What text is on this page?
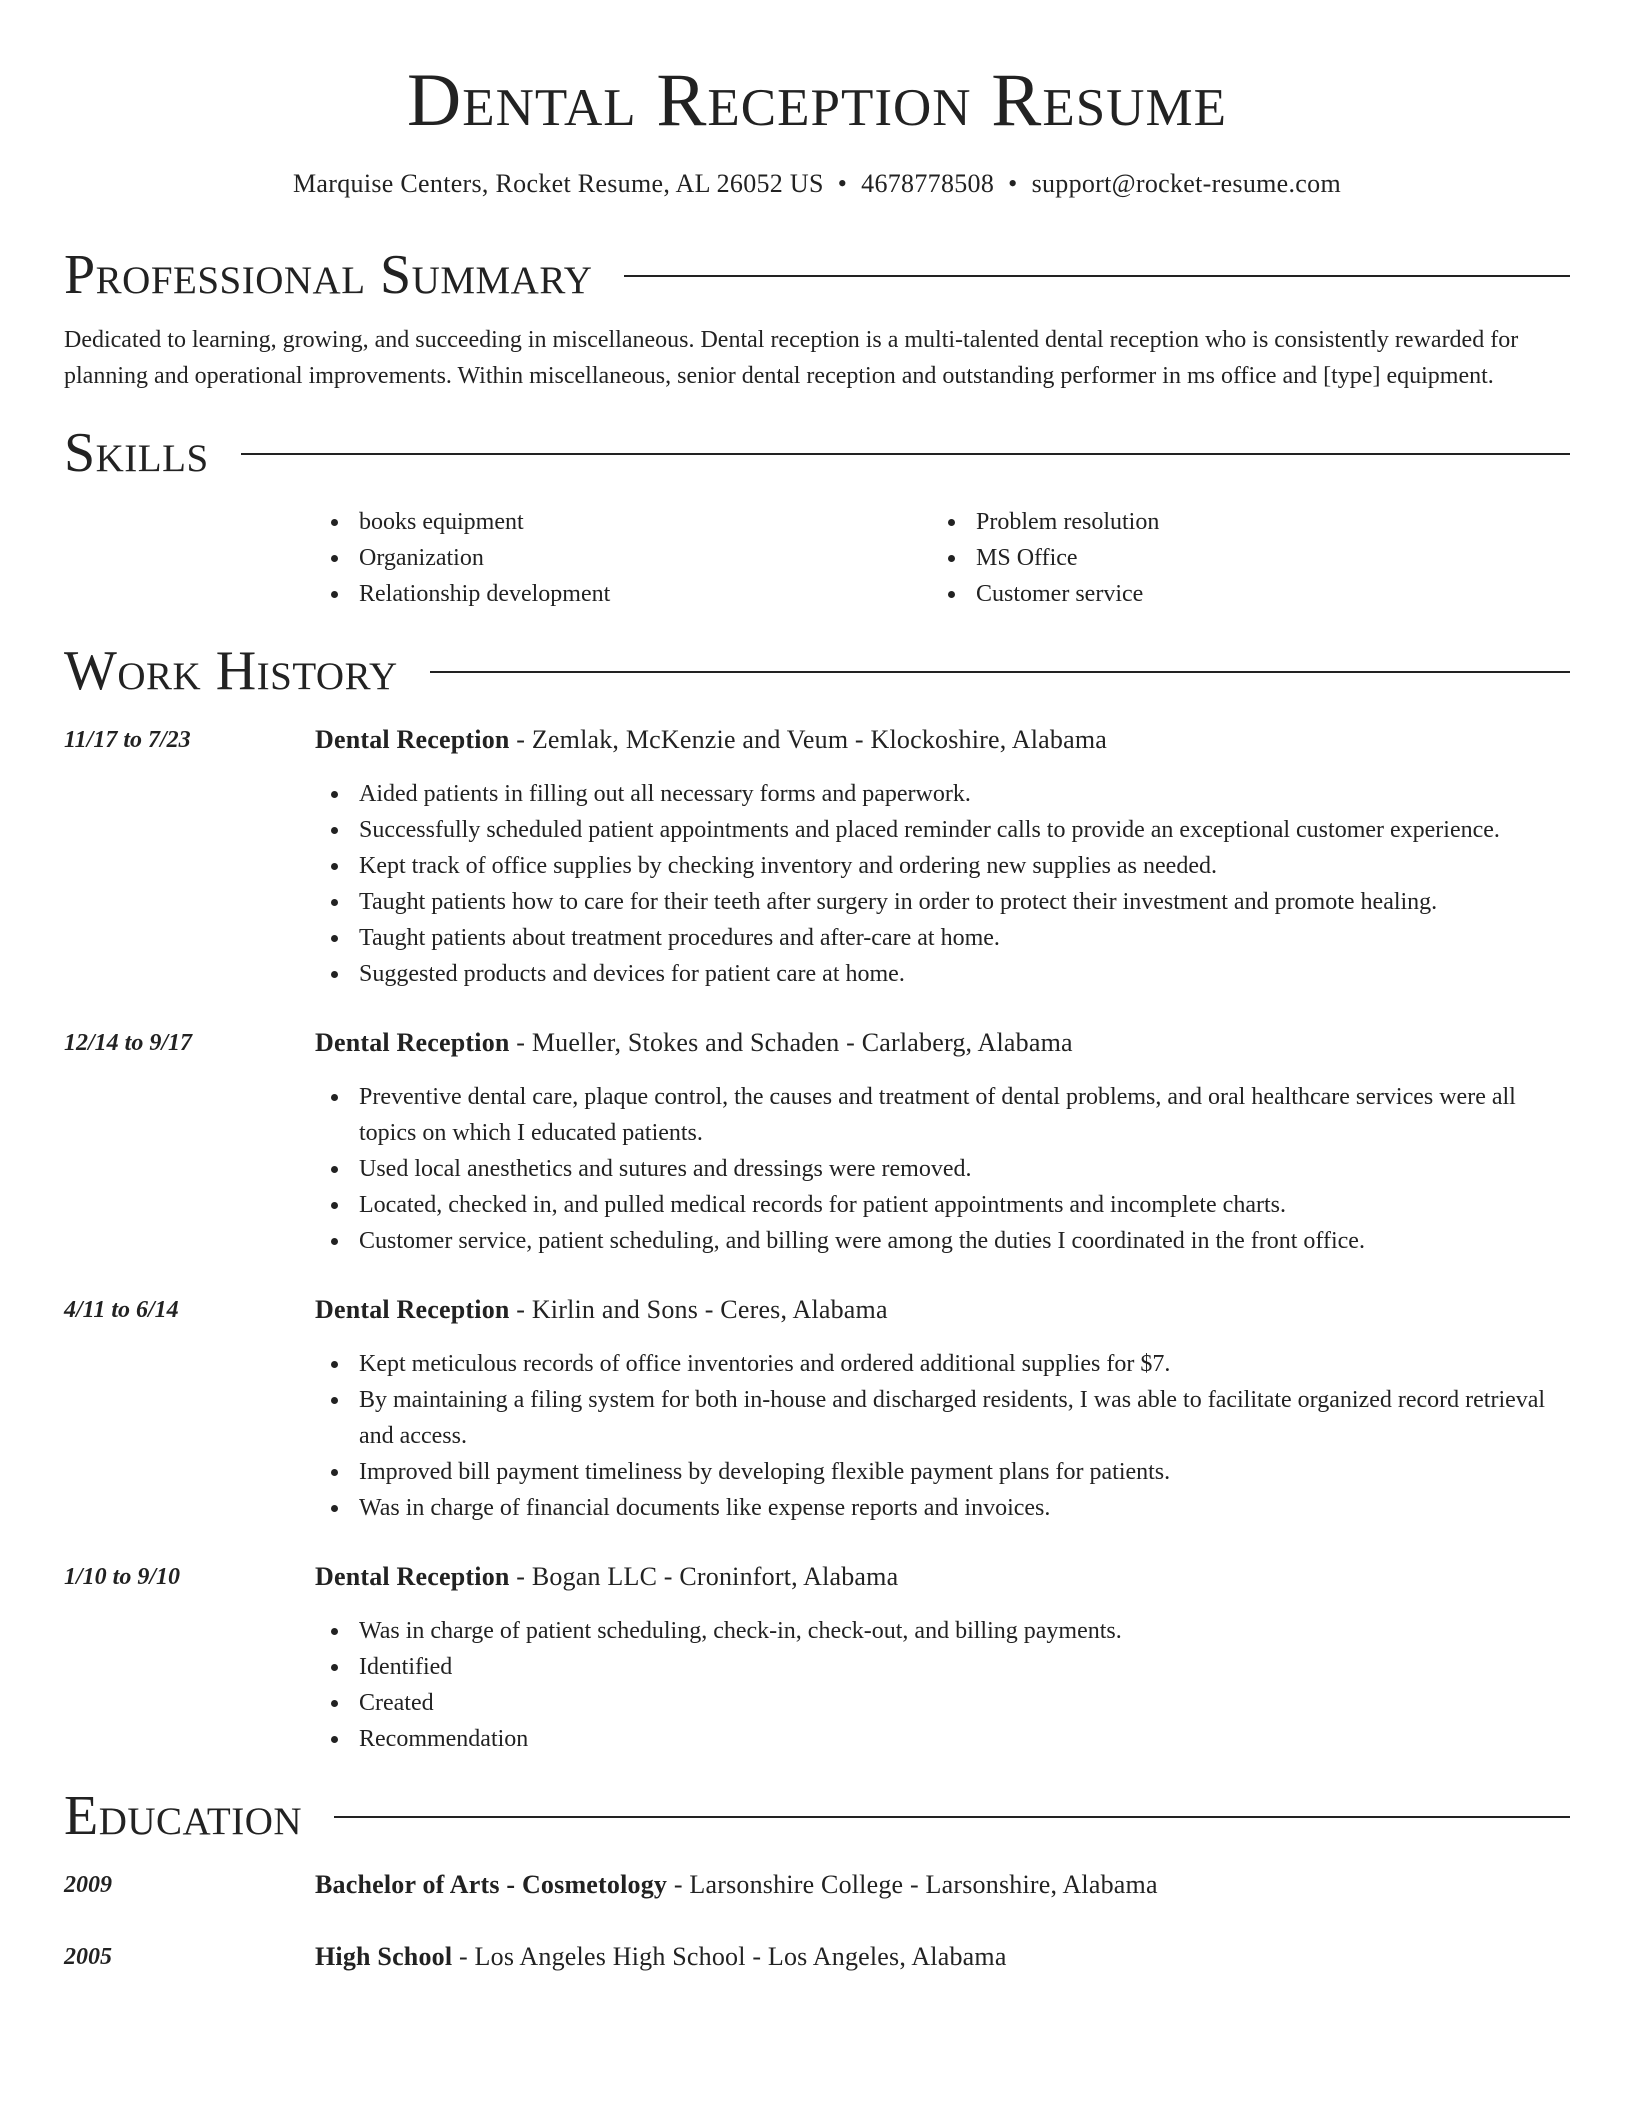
Dental Reception Resume
Marquise Centers, Rocket Resume, AL 26052 US • 4678778508 • support@rocket-resume.com
Professional Summary

Dedicated to learning, growing, and succeeding in miscellaneous. Dental reception is a multi-talented dental reception who is consistently rewarded for planning and operational improvements. Within miscellaneous, senior dental reception and outstanding performer in ms office and [type] equipment.

Skills
books equipment
Organization
Relationship development
Problem resolution
MS Office
Customer service
Work History
11/17 to 7/23	Dental Reception - Zemlak, McKenzie and Veum - Klockoshire, Alabama
Aided patients in filling out all necessary forms and paperwork.
Successfully scheduled patient appointments and placed reminder calls to provide an exceptional customer experience.
Kept track of office supplies by checking inventory and ordering new supplies as needed.
Taught patients how to care for their teeth after surgery in order to protect their investment and promote healing.
Taught patients about treatment procedures and after-care at home.
Suggested products and devices for patient care at home.
12/14 to 9/17	Dental Reception - Mueller, Stokes and Schaden - Carlaberg, Alabama
Preventive dental care, plaque control, the causes and treatment of dental problems, and oral healthcare services were all topics on which I educated patients.
Used local anesthetics and sutures and dressings were removed.
Located, checked in, and pulled medical records for patient appointments and incomplete charts.
Customer service, patient scheduling, and billing were among the duties I coordinated in the front office.
4/11 to 6/14	Dental Reception - Kirlin and Sons - Ceres, Alabama
Kept meticulous records of office inventories and ordered additional supplies for $7.
By maintaining a filing system for both in-house and discharged residents, I was able to facilitate organized record retrieval and access.
Improved bill payment timeliness by developing flexible payment plans for patients.
Was in charge of financial documents like expense reports and invoices.
1/10 to 9/10	Dental Reception - Bogan LLC - Croninfort, Alabama
Was in charge of patient scheduling, check-in, check-out, and billing payments.
Identified
Created
Recommendation
Education
2009	Bachelor of Arts - Cosmetology - Larsonshire College - Larsonshire, Alabama
2005	High School - Los Angeles High School - Los Angeles, Alabama
